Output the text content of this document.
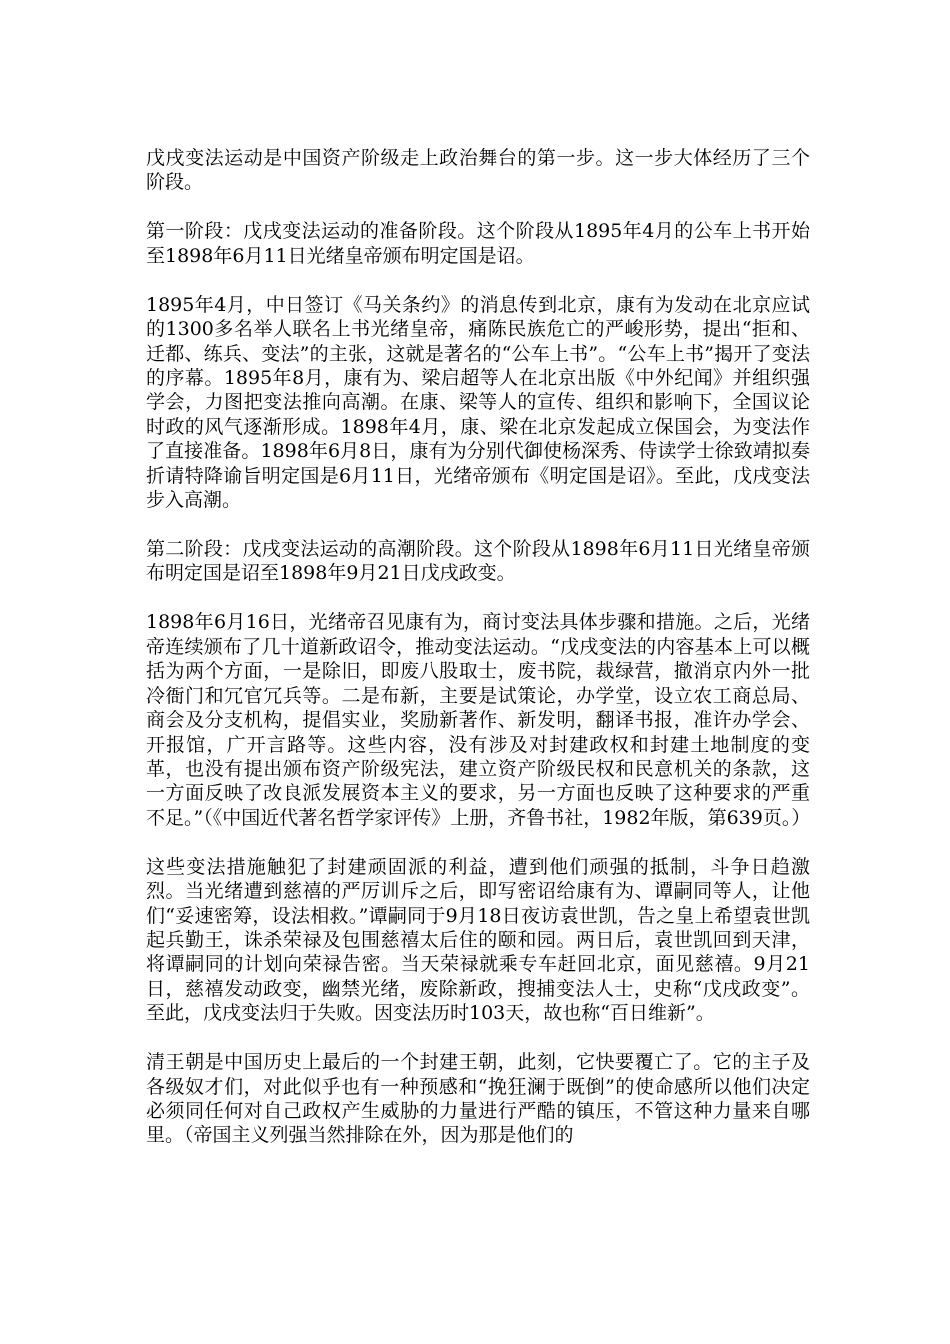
戊戌变法运动是中国资产阶级走上政治舞台的第一步。这一步大体经历了三个阶段。

第一阶段：戊戌变法运动的准备阶段。这个阶段从1895年4月的公车上书开始至1898年6月11日光绪皇帝颁布明定国是诏。

1895年4月，中日签订《马关条约》的消息传到北京，康有为发动在北京应试的1300多名举人联名上书光绪皇帝，痛陈民族危亡的严峻形势，提出“拒和、迁都、练兵、变法”的主张，这就是著名的“公车上书”。“公车上书”揭开了变法的序幕。1895年8月，康有为、梁启超等人在北京出版《中外纪闻》并组织强学会，力图把变法推向高潮。在康、梁等人的宣传、组织和影响下，全国议论时政的风气逐渐形成。1898年4月，康、梁在北京发起成立保国会，为变法作了直接准备。1898年6月8日，康有为分别代御使杨深秀、侍读学士徐致靖拟奏折请特降谕旨明定国是6月11日，光绪帝颁布《明定国是诏》。至此，戊戌变法步入高潮。

第二阶段：戊戌变法运动的高潮阶段。这个阶段从1898年6月11日光绪皇帝颁布明定国是诏至1898年9月21日戊戌政变。

1898年6月16日，光绪帝召见康有为，商讨变法具体步骤和措施。之后，光绪帝连续颁布了几十道新政诏令，推动变法运动。“戊戌变法的内容基本上可以概括为两个方面，一是除旧，即废八股取士，废书院，裁绿营，撤消京内外一批冷衙门和冗官冗兵等。二是布新，主要是试策论，办学堂，设立农工商总局、商会及分支机构，提倡实业，奖励新著作、新发明，翻译书报，准许办学会、开报馆，广开言路等。这些内容，没有涉及对封建政权和封建土地制度的变革，也没有提出颁布资产阶级宪法，建立资产阶级民权和民意机关的条款，这一方面反映了改良派发展资本主义的要求，另一方面也反映了这种要求的严重不足。”（《中国近代著名哲学家评传》上册，齐鲁书社，1982年版，第639页。）

这些变法措施触犯了封建顽固派的利益，遭到他们顽强的抵制，斗争日趋激烈。当光绪遭到慈禧的严厉训斥之后，即写密诏给康有为、谭嗣同等人，让他们“妥速密筹，设法相救。”谭嗣同于9月18日夜访袁世凯，告之皇上希望袁世凯起兵勤王，诛杀荣禄及包围慈禧太后住的颐和园。两日后，袁世凯回到天津，将谭嗣同的计划向荣禄告密。当天荣禄就乘专车赶回北京，面见慈禧。9月21日，慈禧发动政变，幽禁光绪，废除新政，搜捕变法人士，史称“戊戌政变”。至此，戊戌变法归于失败。因变法历时103天，故也称“百日维新”。

清王朝是中国历史上最后的一个封建王朝，此刻，它快要覆亡了。它的主子及各级奴才们，对此似乎也有一种预感和“挽狂澜于既倒”的使命感所以他们决定必须同任何对自己政权产生威胁的力量进行严酷的镇压，不管这种力量来自哪里。（帝国主义列强当然排除在外，因为那是他们的
